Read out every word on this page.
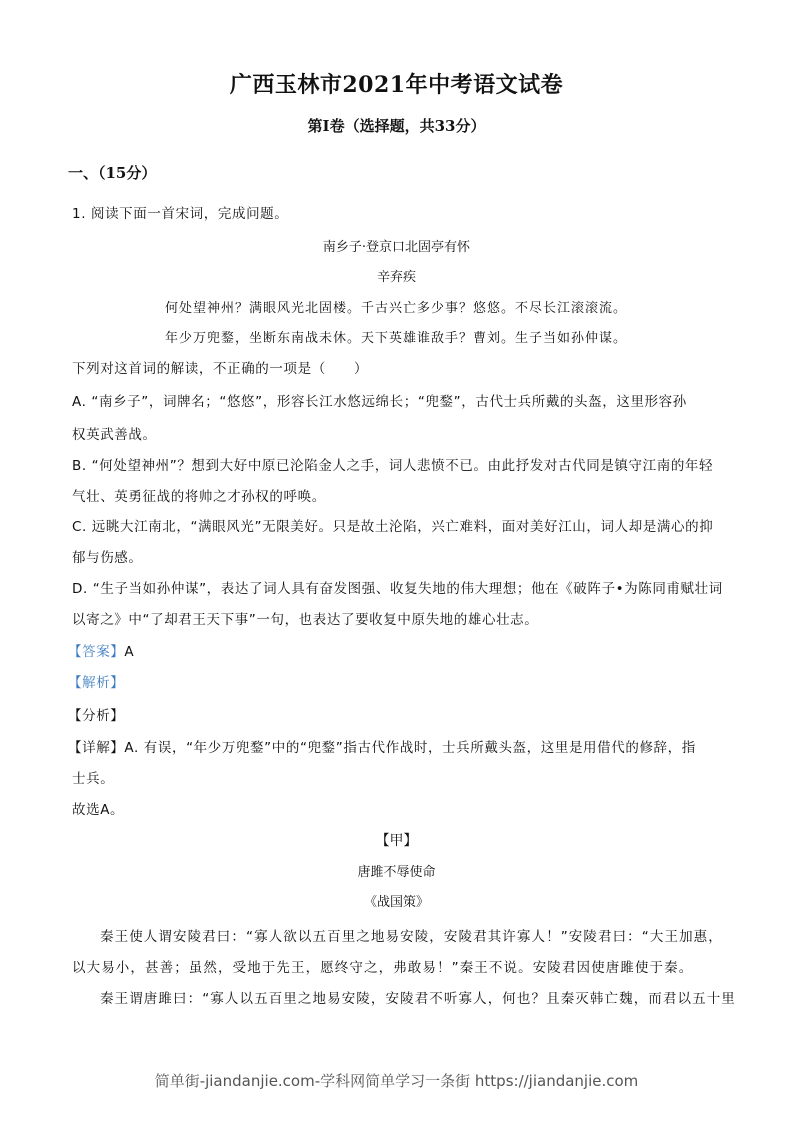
广西玉林市2021年中考语文试卷
第Ⅰ卷（选择题，共33分）
一、（15分）
1. 阅读下面一首宋词，完成问题。
南乡子·登京口北固亭有怀
辛弃疾
何处望神州？满眼风光北固楼。千古兴亡多少事？悠悠。不尽长江滚滚流。
年少万兜鍪，坐断东南战未休。天下英雄谁敌手？曹刘。生子当如孙仲谋。
下列对这首词的解读，不正确的一项是（　　）
A. “南乡子”，词牌名；“悠悠”，形容长江水悠远绵长；“兜鍪”，古代士兵所戴的头盔，这里形容孙
权英武善战。
B. “何处望神州”？想到大好中原已沦陷金人之手，词人悲愤不已。由此抒发对古代同是镇守江南的年轻
气壮、英勇征战的将帅之才孙权的呼唤。
C. 远眺大江南北，“满眼风光”无限美好。只是故土沦陷，兴亡难料，面对美好江山，词人却是满心的抑
郁与伤感。
D. “生子当如孙仲谋”，表达了词人具有奋发图强、收复失地的伟大理想；他在《破阵子•为陈同甫赋壮词
以寄之》中“了却君王天下事”一句，也表达了要收复中原失地的雄心壮志。
【答案】A
【解析】
【分析】
【详解】A. 有误，“年少万兜鍪”中的“兜鍪”指古代作战时，士兵所戴头盔，这里是用借代的修辞，指
士兵。
故选A。
【甲】
唐雎不辱使命
《战国策》
秦王使人谓安陵君曰：“寡人欲以五百里之地易安陵，安陵君其许寡人！”安陵君曰：“大王加惠，
以大易小，甚善；虽然，受地于先王，愿终守之，弗敢易！”秦王不说。安陵君因使唐雎使于秦。
秦王谓唐雎曰：“寡人以五百里之地易安陵，安陵君不听寡人，何也？且秦灭韩亡魏，而君以五十里
简单街-jiandanjie.com-学科网简单学习一条街 https://jiandanjie.com
